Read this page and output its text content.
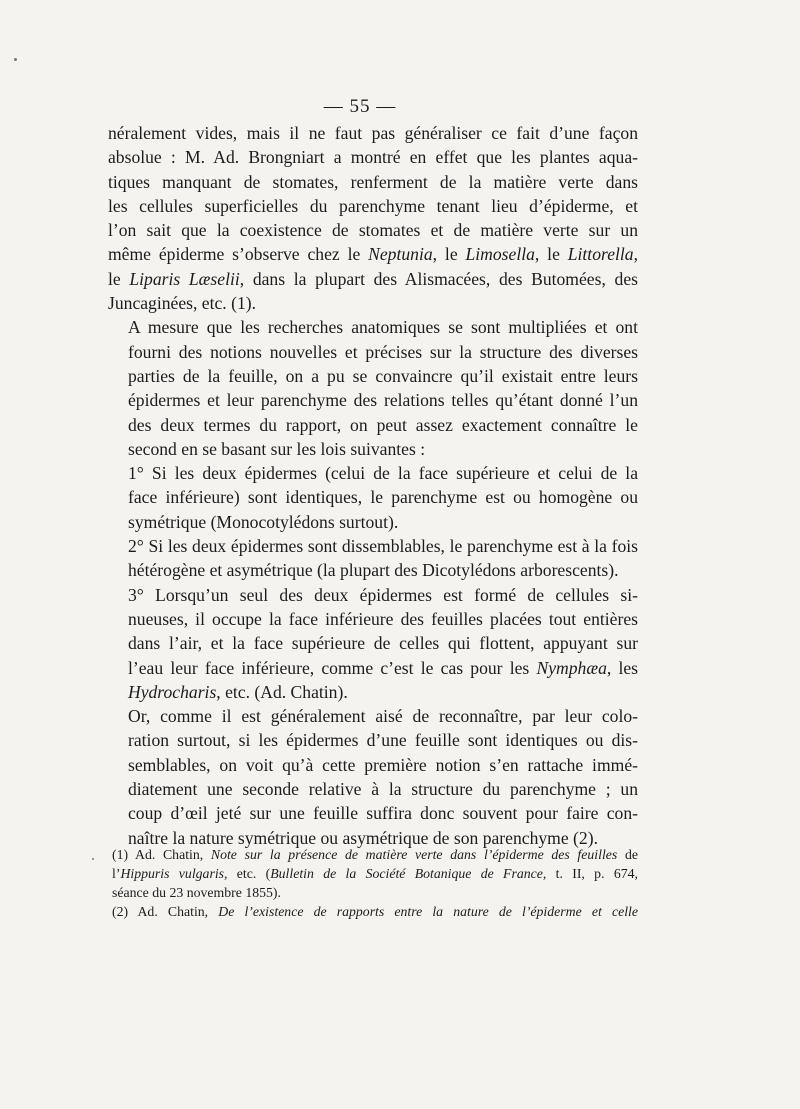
— 55 —

néralement vides, mais il ne faut pas généraliser ce fait d’une façon
absolue : M. Ad. Brongniart a montré en effet que les plantes aqua-
tiques manquant de stomates, renferment de la matière verte dans
les cellules superficielles du parenchyme tenant lieu d’épiderme, et
l’on sait que la coexistence de stomates et de matière verte sur un
même épiderme s’observe chez le Neptunia, le Limosella, le Littorella,
le Liparis Læselii, dans la plupart des Alismacées, des Butomées, des
Juncaginées, etc. (1).

A mesure que les recherches anatomiques se sont multipliées et ont
fourni des notions nouvelles et précises sur la structure des diverses
parties de la feuille, on a pu se convaincre qu’il existait entre leurs
épidermes et leur parenchyme des relations telles qu’étant donné l’un
des deux termes du rapport, on peut assez exactement connaître le
second en se basant sur les lois suivantes :

1° Si les deux épidermes (celui de la face supérieure et celui de la
face inférieure) sont identiques, le parenchyme est ou homogène ou
symétrique (Monocotylédons surtout).

2° Si les deux épidermes sont dissemblables, le parenchyme est à la fois
hétérogène et asymétrique (la plupart des Dicotylédons arborescents).

3° Lorsqu’un seul des deux épidermes est formé de cellules si-
nueuses, il occupe la face inférieure des feuilles placées tout entières
dans l’air, et la face supérieure de celles qui flottent, appuyant sur
l’eau leur face inférieure, comme c’est le cas pour les Nymphæa, les
Hydrocharis, etc. (Ad. Chatin).

Or, comme il est généralement aisé de reconnaître, par leur colo-
ration surtout, si les épidermes d’une feuille sont identiques ou dis-
semblables, on voit qu’à cette première notion s’en rattache immé-
diatement une seconde relative à la structure du parenchyme ; un
coup d’œil jeté sur une feuille suffira donc souvent pour faire con-
naître la nature symétrique ou asymétrique de son parenchyme (2).

(1) Ad. Chatin, Note sur la présence de matière verte dans l’épiderme des feuilles de
l’Hippuris vulgaris, etc. (Bulletin de la Société Botanique de France, t. II, p. 674,
séance du 23 novembre 1855).

(2) Ad. Chatin, De l’existence de rapports entre la nature de l’épiderme et celle
